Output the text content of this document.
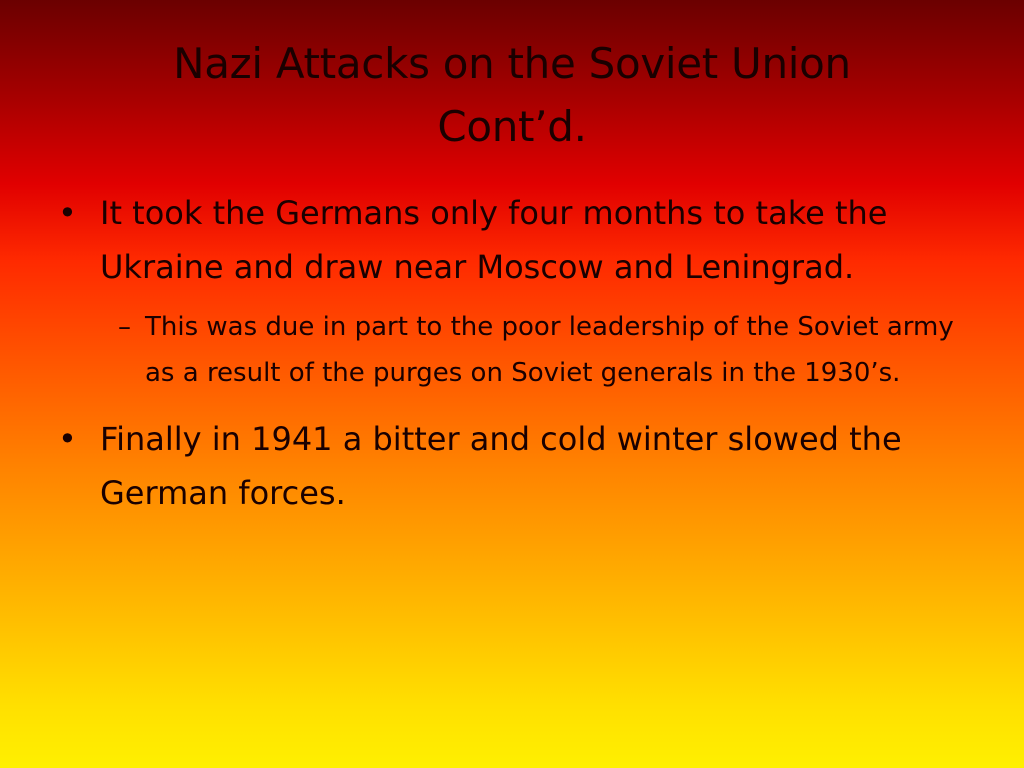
Nazi Attacks on the Soviet Union
Cont’d.
• It took the Germans only four months to take the Ukraine and draw near Moscow and Leningrad.
– This was due in part to the poor leadership of the Soviet army as a result of the purges on Soviet generals in the 1930’s.
• Finally in 1941 a bitter and cold winter slowed the German forces.
